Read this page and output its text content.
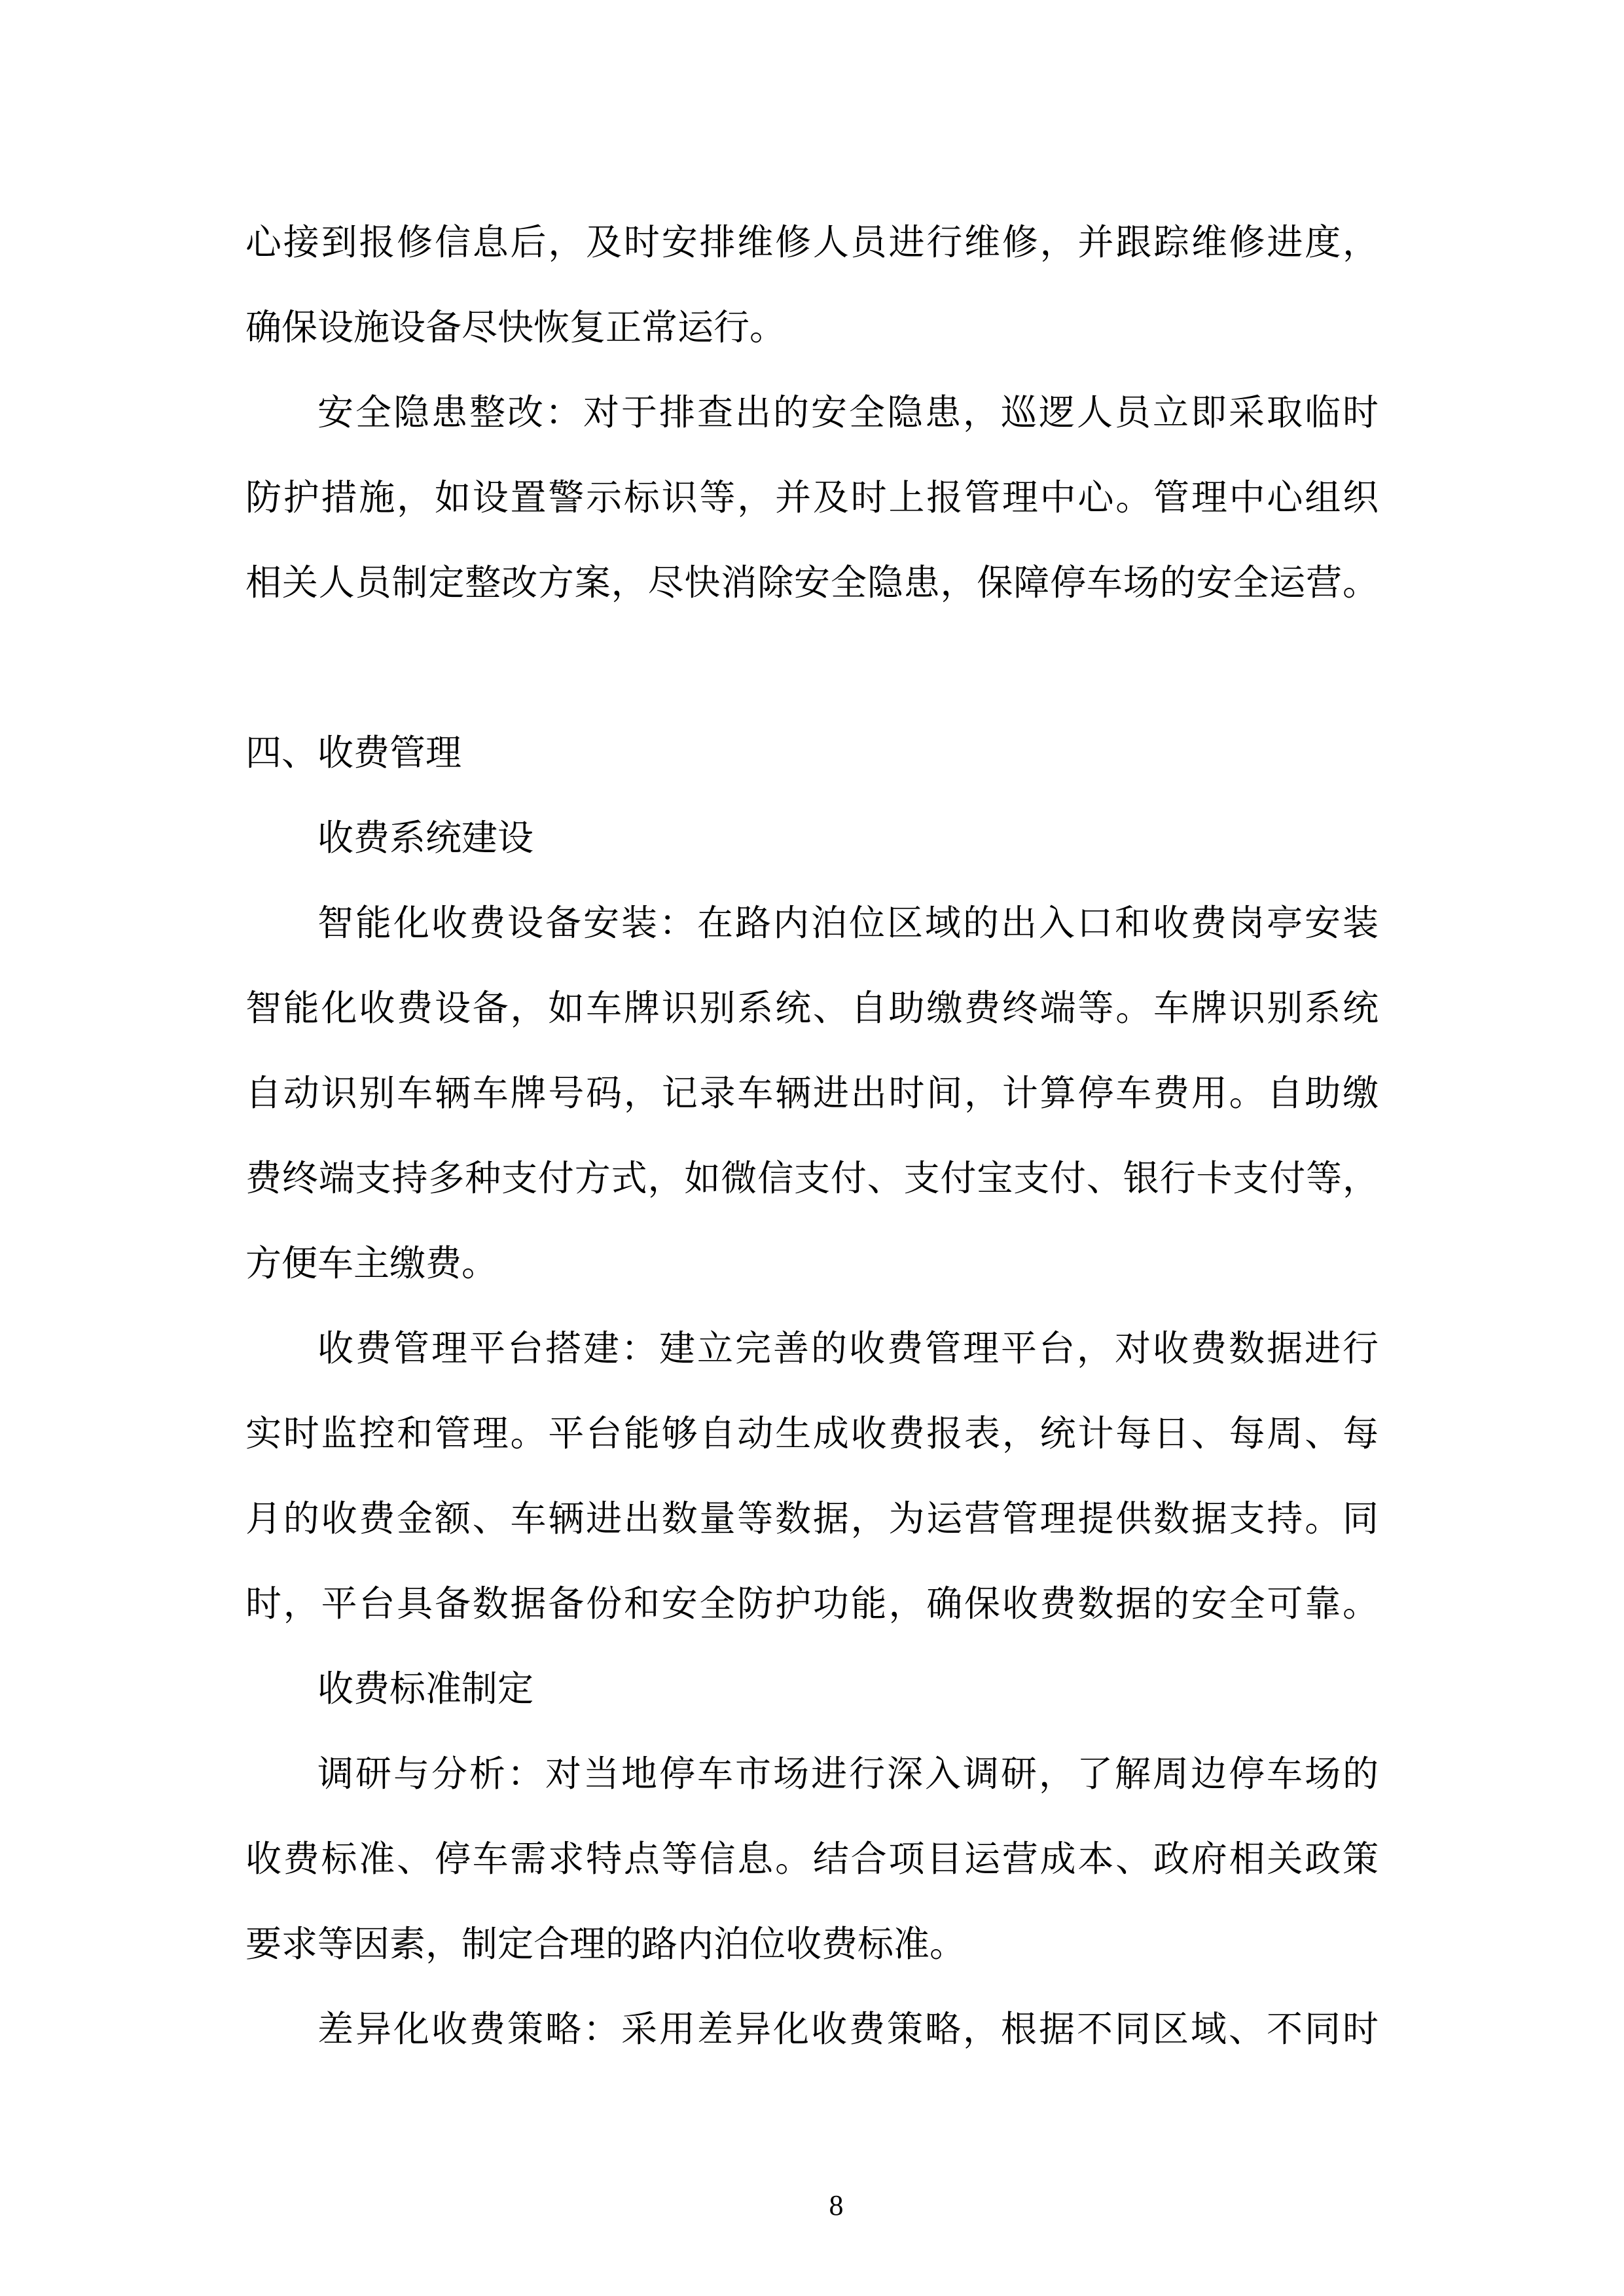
心接到报修信息后，及时安排维修人员进行维修，并跟踪维修进度，
确保设施设备尽快恢复正常运行。
安全隐患整改：对于排查出的安全隐患，巡逻人员立即采取临时
防护措施，如设置警示标识等，并及时上报管理中心。管理中心组织
相关人员制定整改方案，尽快消除安全隐患，保障停车场的安全运营。
四、收费管理
收费系统建设
智能化收费设备安装：在路内泊位区域的出入口和收费岗亭安装
智能化收费设备，如车牌识别系统、自助缴费终端等。车牌识别系统
自动识别车辆车牌号码，记录车辆进出时间，计算停车费用。自助缴
费终端支持多种支付方式，如微信支付、支付宝支付、银行卡支付等，
方便车主缴费。
收费管理平台搭建：建立完善的收费管理平台，对收费数据进行
实时监控和管理。平台能够自动生成收费报表，统计每日、每周、每
月的收费金额、车辆进出数量等数据，为运营管理提供数据支持。同
时，平台具备数据备份和安全防护功能，确保收费数据的安全可靠。
收费标准制定
调研与分析：对当地停车市场进行深入调研，了解周边停车场的
收费标准、停车需求特点等信息。结合项目运营成本、政府相关政策
要求等因素，制定合理的路内泊位收费标准。
差异化收费策略：采用差异化收费策略，根据不同区域、不同时
8
